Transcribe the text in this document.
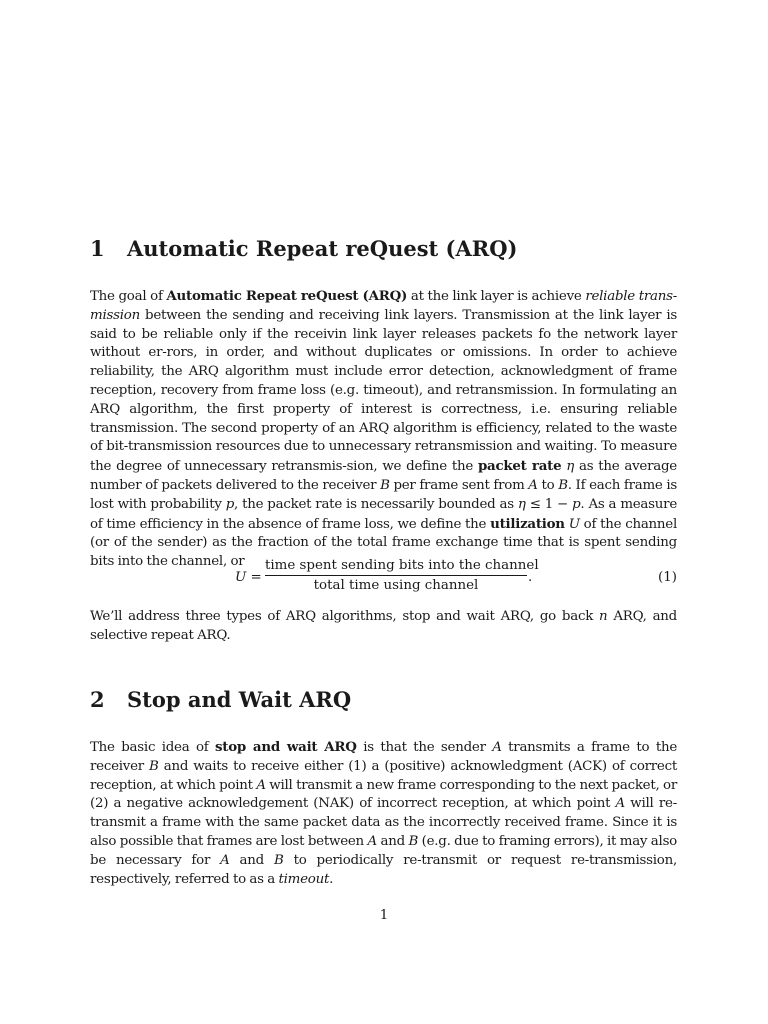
1 Automatic Repeat reQuest (ARQ)

The goal of Automatic Repeat reQuest (ARQ) at the link layer is achieve reliable trans-mission between the sending and receiving link layers. Transmission at the link layer is said to be reliable only if the receivin link layer releases packets fo the network layer without er-rors, in order, and without duplicates or omissions. In order to achieve reliability, the ARQ algorithm must include error detection, acknowledgment of frame reception, recovery from frame loss (e.g. timeout), and retransmission. In formulating an ARQ algorithm, the first property of interest is correctness, i.e. ensuring reliable transmission. The second property of an ARQ algorithm is efficiency, related to the waste of bit-transmission resources due to unnecessary retransmission and waiting. To measure the degree of unnecessary retransmis-sion, we define the packet rate η as the average number of packets delivered to the receiver B per frame sent from A to B. If each frame is lost with probability p, the packet rate is necessarily bounded as η ≤ 1 − p. As a measure of time efficiency in the absence of frame loss, we define the utilization U of the channel (or of the sender) as the fraction of the total frame exchange time that is spent sending bits into the channel, or

U =
time spent sending bits into the channel
total time using channel
.	(1)

We’ll address three types of ARQ algorithms, stop and wait ARQ, go back n ARQ, and selective repeat ARQ.

2 Stop and Wait ARQ

The basic idea of stop and wait ARQ is that the sender A transmits a frame to the receiver B and waits to receive either (1) a (positive) acknowledgment (ACK) of correct reception, at which point A will transmit a new frame corresponding to the next packet, or (2) a negative acknowledgement (NAK) of incorrect reception, at which point A will re-transmit a frame with the same packet data as the incorrectly received frame. Since it is also possible that frames are lost between A and B (e.g. due to framing errors), it may also be necessary for A and B to periodically re-transmit or request re-transmission, respectively, referred to as a timeout.

1
